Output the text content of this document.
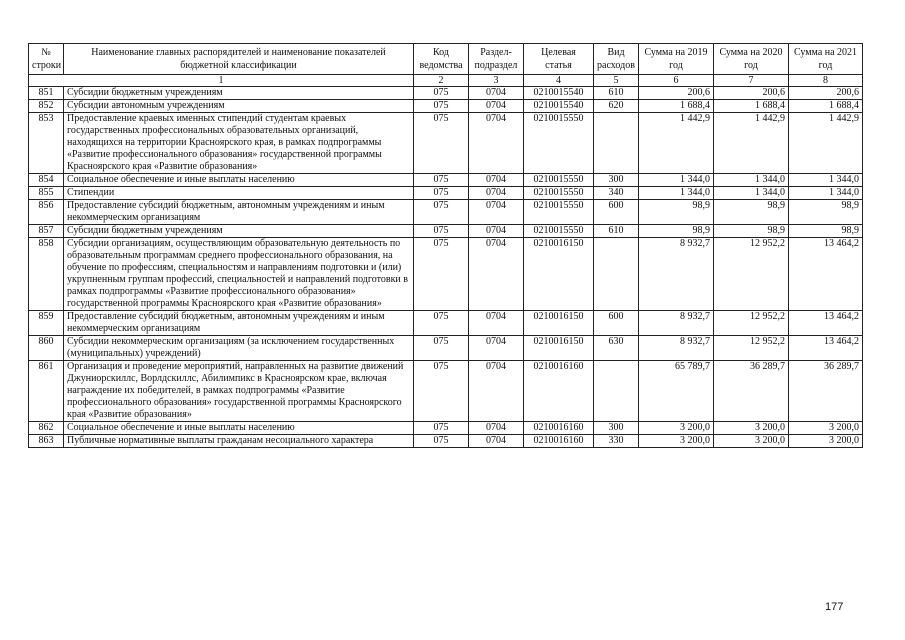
№ строки	Наименование главных распорядителей и наименование показателей бюджетной классификации	Код ведомства	Раздел-подраздел	Целевая статья	Вид расходов	Сумма на 2019 год	Сумма на 2020 год	Сумма на 2021 год
1		2	3	4	5	6	7	8
851	Субсидии бюджетным учреждениям	075	0704	0210015540	610	200,6	200,6	200,6
852	Субсидии автономным учреждениям	075	0704	0210015540	620	1 688,4	1 688,4	1 688,4
853	Предоставление краевых именных стипендий студентам краевых государственных профессиональных образовательных организаций, находящихся на территории Красноярского края, в рамках подпрограммы «Развитие профессионального образования» государственной программы Красноярского края «Развитие образования»	075	0704	0210015550		1 442,9	1 442,9	1 442,9
854	Социальное обеспечение и иные выплаты населению	075	0704	0210015550	300	1 344,0	1 344,0	1 344,0
855	Стипендии	075	0704	0210015550	340	1 344,0	1 344,0	1 344,0
856	Предоставление субсидий бюджетным, автономным учреждениям и иным некоммерческим организациям	075	0704	0210015550	600	98,9	98,9	98,9
857	Субсидии бюджетным учреждениям	075	0704	0210015550	610	98,9	98,9	98,9
858	Субсидии организациям, осуществляющим образовательную деятельность по образовательным программам среднего профессионального образования, на обучение по профессиям, специальностям и направлениям подготовки и (или) укрупненным группам профессий, специальностей и направлений подготовки в рамках подпрограммы «Развитие профессионального образования» государственной программы Красноярского края «Развитие образования»	075	0704	0210016150		8 932,7	12 952,2	13 464,2
859	Предоставление субсидий бюджетным, автономным учреждениям и иным некоммерческим организациям	075	0704	0210016150	600	8 932,7	12 952,2	13 464,2
860	Субсидии некоммерческим организациям (за исключением государственных (муниципальных) учреждений)	075	0704	0210016150	630	8 932,7	12 952,2	13 464,2
861	Организация и проведение мероприятий, направленных на развитие движений Джуниорскиллс, Ворлдскиллс, Абилимпикс в Красноярском крае, включая награждение их победителей, в рамках подпрограммы «Развитие профессионального образования» государственной программы Красноярского края «Развитие образования»	075	0704	0210016160		65 789,7	36 289,7	36 289,7
862	Социальное обеспечение и иные выплаты населению	075	0704	0210016160	300	3 200,0	3 200,0	3 200,0
863	Публичные нормативные выплаты гражданам несоциального характера	075	0704	0210016160	330	3 200,0	3 200,0	3 200,0
177
